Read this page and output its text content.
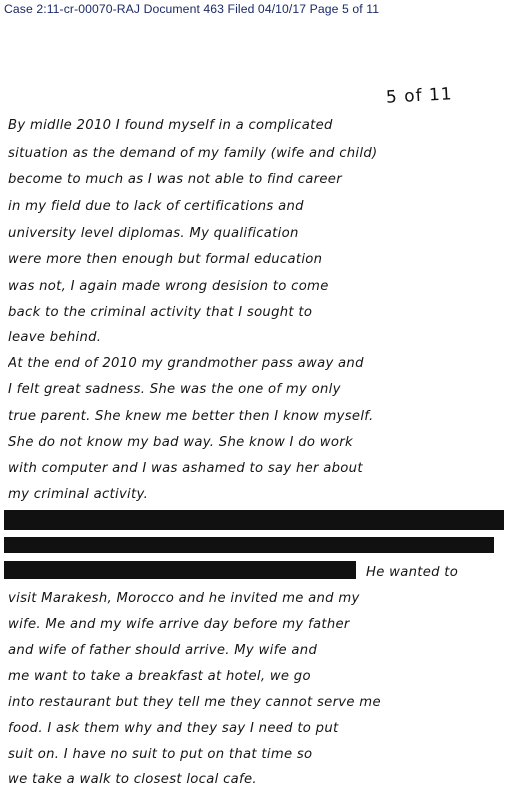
Case 2:11-cr-00070-RAJ Document 463 Filed 04/10/17 Page 5 of 11
5 of 11
By midlle 2010 I found myself in a complicated
situation as the demand of my family (wife and child)
become to much as I was not able to find career
in my field due to lack of certifications and
university level diplomas. My qualification
were more then enough but formal education
was not, I again made wrong desision to come
back to the criminal activity that I sought to
leave behind.
At the end of 2010 my grandmother pass away and
I felt great sadness. She was the one of my only
true parent. She knew me better then I know myself.
She do not know my bad way. She know I do work
with computer and I was ashamed to say her about
my criminal activity.
He wanted to
visit Marakesh, Morocco and he invited me and my
wife. Me and my wife arrive day before my father
and wife of father should arrive. My wife and
me want to take a breakfast at hotel, we go
into restaurant but they tell me they cannot serve me
food. I ask them why and they say I need to put
suit on. I have no suit to put on that time so
we take a walk to closest local cafe.
